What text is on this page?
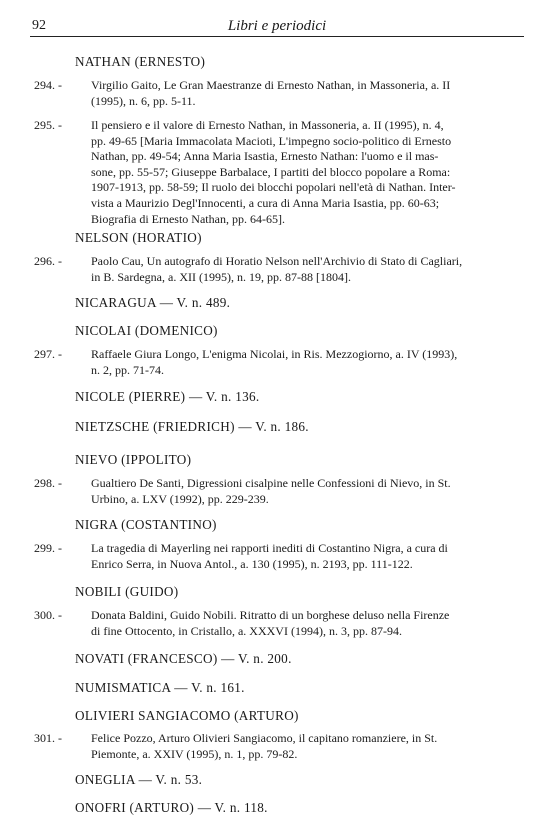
92	Libri e periodici
NATHAN (ERNESTO)
294. -	Virgilio Gaito, Le Gran Maestranze di Ernesto Nathan, in Massoneria, a. II
(1995), n. 6, pp. 5-11.
295. -	Il pensiero e il valore di Ernesto Nathan, in Massoneria, a. II (1995), n. 4,
pp. 49-65 [Maria Immacolata Macioti, L'impegno socio-politico di Ernesto
Nathan, pp. 49-54; Anna Maria Isastia, Ernesto Nathan: l'uomo e il mas-
sone, pp. 55-57; Giuseppe Barbalace, I partiti del blocco popolare a Roma:
1907-1913, pp. 58-59; Il ruolo dei blocchi popolari nell'età di Nathan. Inter-
vista a Maurizio Degl'Innocenti, a cura di Anna Maria Isastia, pp. 60-63;
Biografia di Ernesto Nathan, pp. 64-65].
NELSON (HORATIO)
296. -	Paolo Cau, Un autografo di Horatio Nelson nell'Archivio di Stato di Cagliari,
in B. Sardegna, a. XII (1995), n. 19, pp. 87-88 [1804].
NICARAGUA — V. n. 489.
NICOLAI (DOMENICO)
297. -	Raffaele Giura Longo, L'enigma Nicolai, in Ris. Mezzogiorno, a. IV (1993),
n. 2, pp. 71-74.
NICOLE (PIERRE) — V. n. 136.
NIETZSCHE (FRIEDRICH) — V. n. 186.
NIEVO (IPPOLITO)
298. -	Gualtiero De Santi, Digressioni cisalpine nelle Confessioni di Nievo, in St.
Urbino, a. LXV (1992), pp. 229-239.
NIGRA (COSTANTINO)
299. -	La tragedia di Mayerling nei rapporti inediti di Costantino Nigra, a cura di
Enrico Serra, in Nuova Antol., a. 130 (1995), n. 2193, pp. 111-122.
NOBILI (GUIDO)
300. -	Donata Baldini, Guido Nobili. Ritratto di un borghese deluso nella Firenze
di fine Ottocento, in Cristallo, a. XXXVI (1994), n. 3, pp. 87-94.
NOVATI (FRANCESCO) — V. n. 200.
NUMISMATICA — V. n. 161.
OLIVIERI SANGIACOMO (ARTURO)
301. -	Felice Pozzo, Arturo Olivieri Sangiacomo, il capitano romanziere, in St.
Piemonte, a. XXIV (1995), n. 1, pp. 79-82.
ONEGLIA — V. n. 53.
ONOFRI (ARTURO) — V. n. 118.
